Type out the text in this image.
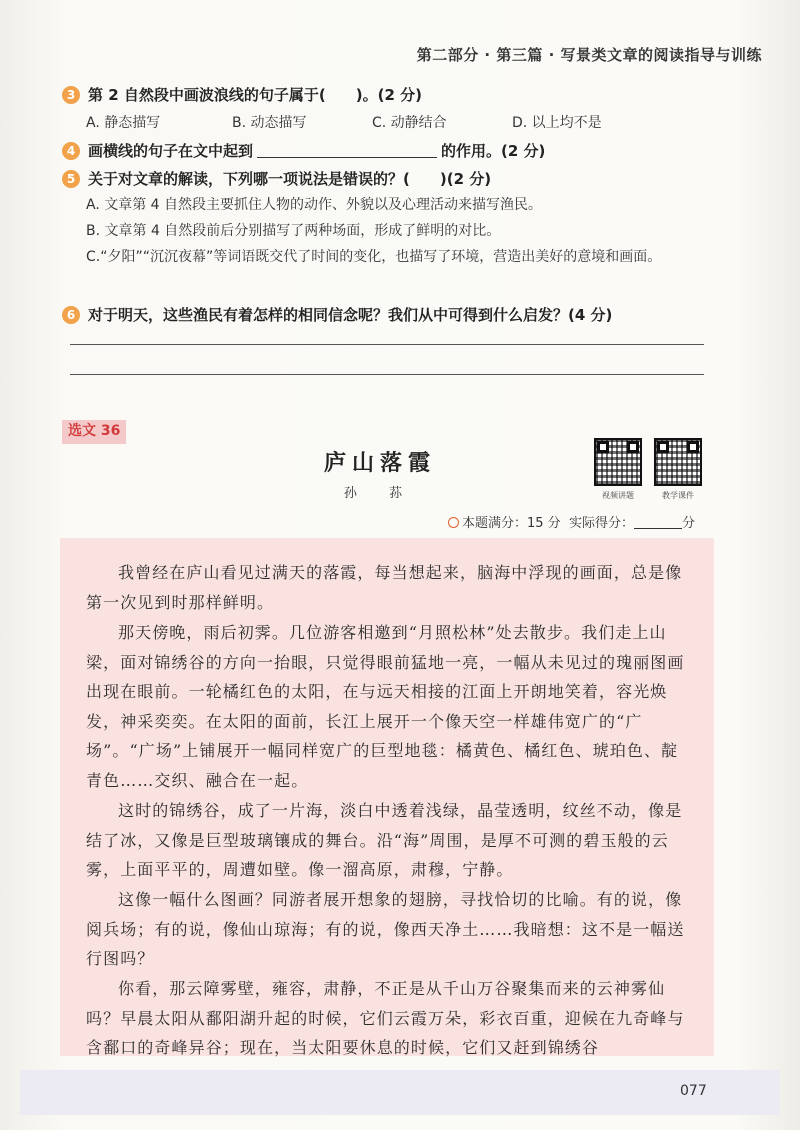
第二部分 · 第三篇 · 写景类文章的阅读指导与训练
3 第 2 自然段中画波浪线的句子属于(　　)。(2 分)
A. 静态描写	B. 动态描写	C. 动静结合	D. 以上均不是
4 画横线的句子在文中起到	的作用。(2 分)
5 关于对文章的解读，下列哪一项说法是错误的？(　　)(2 分)
A. 文章第 4 自然段主要抓住人物的动作、外貌以及心理活动来描写渔民。
B. 文章第 4 自然段前后分别描写了两种场面，形成了鲜明的对比。
C.“夕阳”“沉沉夜幕”等词语既交代了时间的变化，也描写了环境，营造出美好的意境和画面。
6 对于明天，这些渔民有着怎样的相同信念呢？我们从中可得到什么启发？(4 分)
选文 36
庐山落霞
孙 荪	视频讲题	教学课件
本题满分：15 分 实际得分：	分
我曾经在庐山看见过满天的落霞，每当想起来，脑海中浮现的画面，总是像第一次见到时那样鲜明。
那天傍晚，雨后初霁。几位游客相邀到“月照松林”处去散步。我们走上山梁，面对锦绣谷的方向一抬眼，只觉得眼前猛地一亮，一幅从未见过的瑰丽图画出现在眼前。一轮橘红色的太阳，在与远天相接的江面上开朗地笑着，容光焕发，神采奕奕。在太阳的面前，长江上展开一个像天空一样雄伟宽广的“广场”。“广场”上铺展开一幅同样宽广的巨型地毯：橘黄色、橘红色、琥珀色、靛青色……交织、融合在一起。
这时的锦绣谷，成了一片海，淡白中透着浅绿，晶莹透明，纹丝不动，像是结了冰，又像是巨型玻璃镶成的舞台。沿“海”周围，是厚不可测的碧玉般的云雾，上面平平的，周遭如壁。像一溜高原，肃穆，宁静。
这像一幅什么图画？同游者展开想象的翅膀，寻找恰切的比喻。有的说，像阅兵场；有的说，像仙山琼海；有的说，像西天净土……我暗想：这不是一幅送行图吗？
你看，那云障雾壁，雍容，肃静，不正是从千山万谷聚集而来的云神雾仙吗？早晨太阳从鄱阳湖升起的时候，它们云霞万朵，彩衣百重，迎候在九奇峰与含鄱口的奇峰异谷；现在，当太阳要休息的时候，它们又赶到锦绣谷
077
